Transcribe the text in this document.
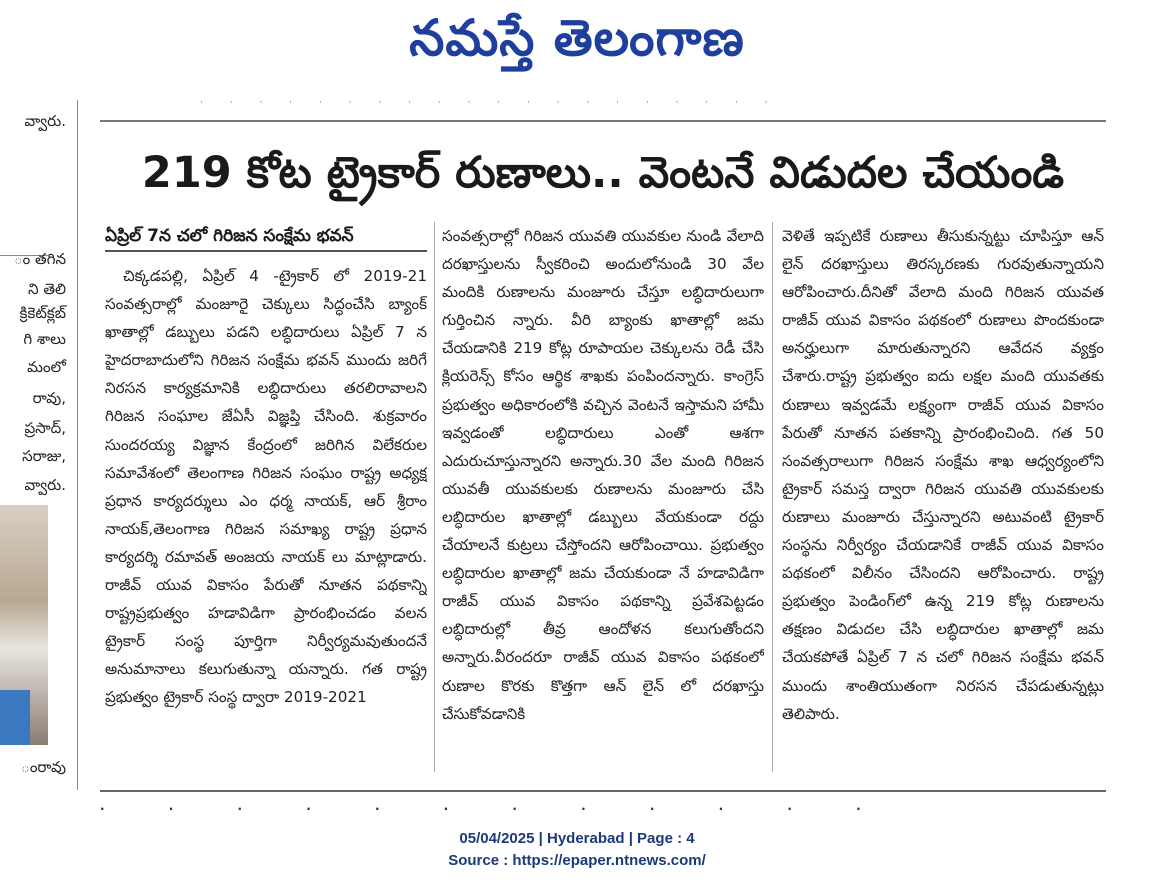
నమస్తే తెలంగాణ
· · · · · · · · · · · · · · · · · · · ·
వ్వారు.
ం తగిన
ని తెలి
క్రికెట్‌క్లబ్
గి శాలు
మంలో
రావు,
ప్రసాద్,
సరాజు,
వ్వారు.
ంరావు
219 కోట ట్రైకార్ రుణాలు.. వెంటనే విడుదల చేయండి
ఏప్రిల్ 7న చలో గిరిజన సంక్షేమ భవన్

చిక్కడపల్లి, ఏప్రిల్ 4 -ట్రైకార్ లో 2019-21 సంవత్సరాల్లో మంజూరై చెక్కులు సిద్ధంచేసి బ్యాంక్ ఖాతాల్లో డబ్బులు పడని లబ్ధిదారులు ఏప్రిల్ 7 న హైదరాబాదులోని గిరిజన సంక్షేమ భవన్ ముందు జరిగే నిరసన కార్యక్రమానికి లబ్ధిదారులు తరలిరావాలని గిరిజన సంఘాల జేఏసీ విజ్ఞప్తి చేసింది. శుక్రవారం సుందరయ్య విజ్ఞాన కేంద్రంలో జరిగిన విలేకరుల సమావేశంలో తెలంగాణ గిరిజన సంఘం రాష్ట్ర అధ్యక్ష ప్రధాన కార్యదర్శులు ఎం ధర్మ నాయక్, ఆర్ శ్రీరాం నాయక్,తెలంగాణ గిరిజన సమాఖ్య రాష్ట్ర ప్రధాన కార్యదర్శి రమావత్ అంజయ నాయక్ లు మాట్లాడారు. రాజీవ్ యువ వికాసం పేరుతో నూతన పథకాన్ని రాష్ట్రప్రభుత్వం హడావిడిగా ప్రారంభించడం వలన ట్రైకార్ సంస్థ పూర్తిగా నిర్వీర్యమవుతుందనే అనుమానాలు కలుగుతున్నా యన్నారు. గత రాష్ట్ర ప్రభుత్వం ట్రైకార్ సంస్థ ద్వారా 2019-2021

సంవత్సరాల్లో గిరిజన యువతి యువకుల నుండి వేలాది దరఖాస్తులను స్వీకరించి అందులోనుండి 30 వేల మందికి రుణాలను మంజూరు చేస్తూ లబ్ధిదారులుగా గుర్తించిన న్నారు. వీరి బ్యాంకు ఖాతాల్లో జమ చేయడానికి 219 కోట్ల రూపాయల చెక్కులను రెడీ చేసి క్లియరెన్స్ కోసం ఆర్థిక శాఖకు పంపిందన్నారు. కాంగ్రెస్ ప్రభుత్వం అధికారంలోకి వచ్చిన వెంటనే ఇస్తామని హామీ ఇవ్వడంతో లబ్ధిదారులు ఎంతో ఆశగా ఎదురుచూస్తున్నారని అన్నారు.30 వేల మంది గిరిజన యువతీ యువకులకు రుణాలను మంజూరు చేసి లబ్ధిదారుల ఖాతాల్లో డబ్బులు వేయకుండా రద్దు చేయాలనే కుట్రలు చేస్తోందని ఆరోపించాయి. ప్రభుత్వం లబ్ధిదారుల ఖాతాల్లో జమ చేయకుండా నే హడావిడిగా రాజీవ్ యువ వికాసం పథకాన్ని ప్రవేశపెట్టడం లబ్ధిదారుల్లో తీవ్ర ఆందోళన కలుగుతోందని అన్నారు.వీరందరూ రాజీవ్ యువ వికాసం పథకంలో రుణాల కొరకు కొత్తగా ఆన్ లైన్ లో దరఖాస్తు చేసుకోవడానికి

వెళితే ఇప్పటికే రుణాలు తీసుకున్నట్టు చూపిస్తూ ఆన్ లైన్ దరఖాస్తులు తిరస్కరణకు గురవుతున్నాయని ఆరోపించారు.దీనితో వేలాది మంది గిరిజన యువత రాజీవ్ యువ వికాసం పథకంలో రుణాలు పొందకుండా అనర్హులుగా మారుతున్నారని ఆవేదన వ్యక్తం చేశారు.రాష్ట్ర ప్రభుత్వం ఐదు లక్షల మంది యువతకు రుణాలు ఇవ్వడమే లక్ష్యంగా రాజీవ్ యువ వికాసం పేరుతో నూతన పతకాన్ని ప్రారంభించింది. గత 50 సంవత్సరాలుగా గిరిజన సంక్షేమ శాఖ ఆధ్వర్యంలోని ట్రైకార్ సమస్త ద్వారా గిరిజన యువతి యువకులకు రుణాలు మంజూరు చేస్తున్నారని అటువంటి ట్రైకార్ సంస్థను నిర్వీర్యం చేయడానికే రాజీవ్ యువ వికాసం పథకంలో విలీనం చేసిందని ఆరోపించారు. రాష్ట్ర ప్రభుత్వం పెండింగ్‌లో ఉన్న 219 కోట్ల రుణాలను తక్షణం విడుదల చేసి లబ్ధిదారుల ఖాతాల్లో జమ చేయకపోతే ఏప్రిల్ 7 న చలో గిరిజన సంక్షేమ భవన్ ముందు శాంతియుతంగా నిరసన చేపడుతున్నట్లు తెలిపారు.

· · · · · · · · · · · ·
05/04/2025 | Hyderabad | Page : 4
Source : https://epaper.ntnews.com/
